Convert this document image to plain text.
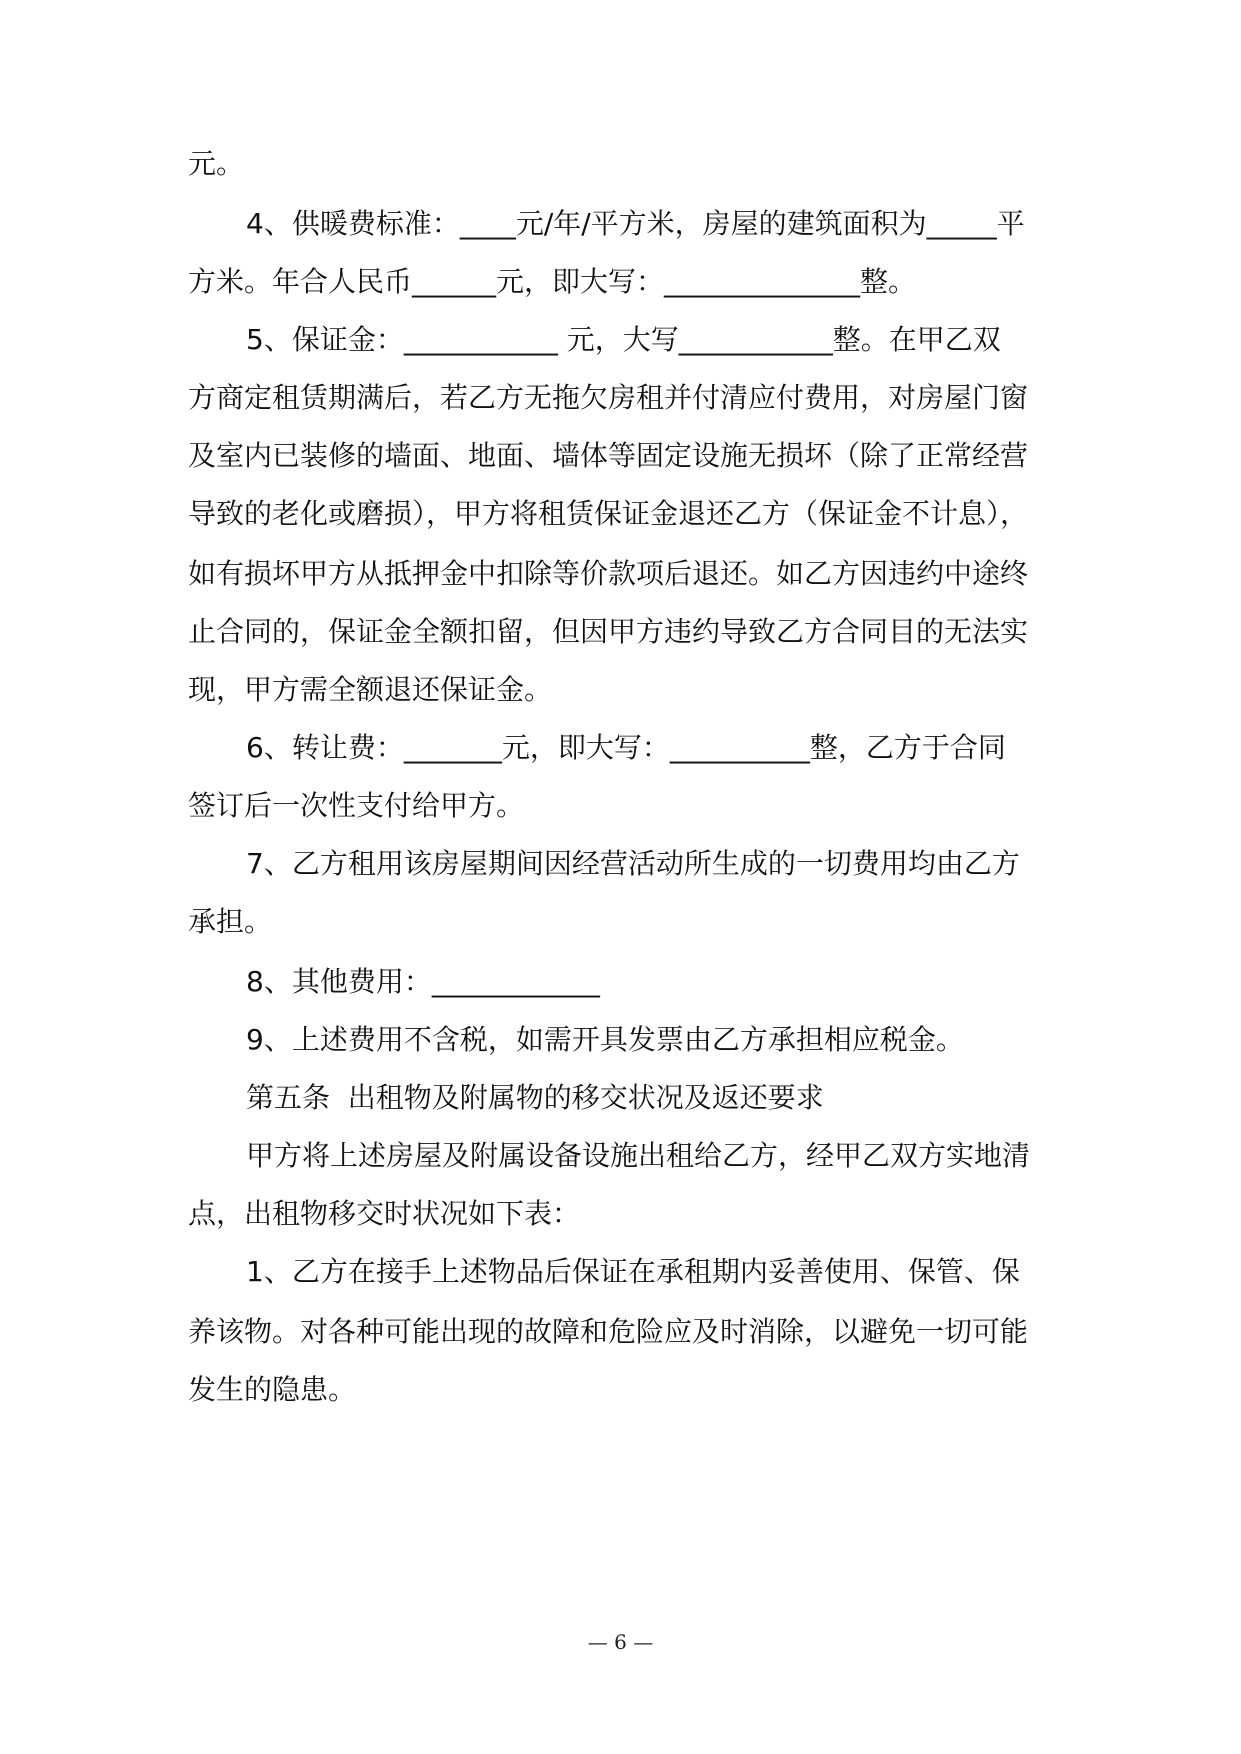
元。
4、供暖费标准：____元/年/平方米，房屋的建筑面积为_____平
方米。年合人民币______元，即大写：______________整。
5、保证金：___________ 元，大写___________整。在甲乙双
方商定租赁期满后，若乙方无拖欠房租并付清应付费用，对房屋门窗
及室内已装修的墙面、地面、墙体等固定设施无损坏（除了正常经营
导致的老化或磨损），甲方将租赁保证金退还乙方（保证金不计息），
如有损坏甲方从抵押金中扣除等价款项后退还。如乙方因违约中途终
止合同的，保证金全额扣留，但因甲方违约导致乙方合同目的无法实
现，甲方需全额退还保证金。
6、转让费：_______元，即大写：__________整，乙方于合同
签订后一次性支付给甲方。
7、乙方租用该房屋期间因经营活动所生成的一切费用均由乙方
承担。
8、其他费用：____________
9、上述费用不含税，如需开具发票由乙方承担相应税金。
第五条  出租物及附属物的移交状况及返还要求
甲方将上述房屋及附属设备设施出租给乙方，经甲乙双方实地清
点，出租物移交时状况如下表：
1、乙方在接手上述物品后保证在承租期内妥善使用、保管、保
养该物。对各种可能出现的故障和危险应及时消除，以避免一切可能
发生的隐患。
— 6 —
